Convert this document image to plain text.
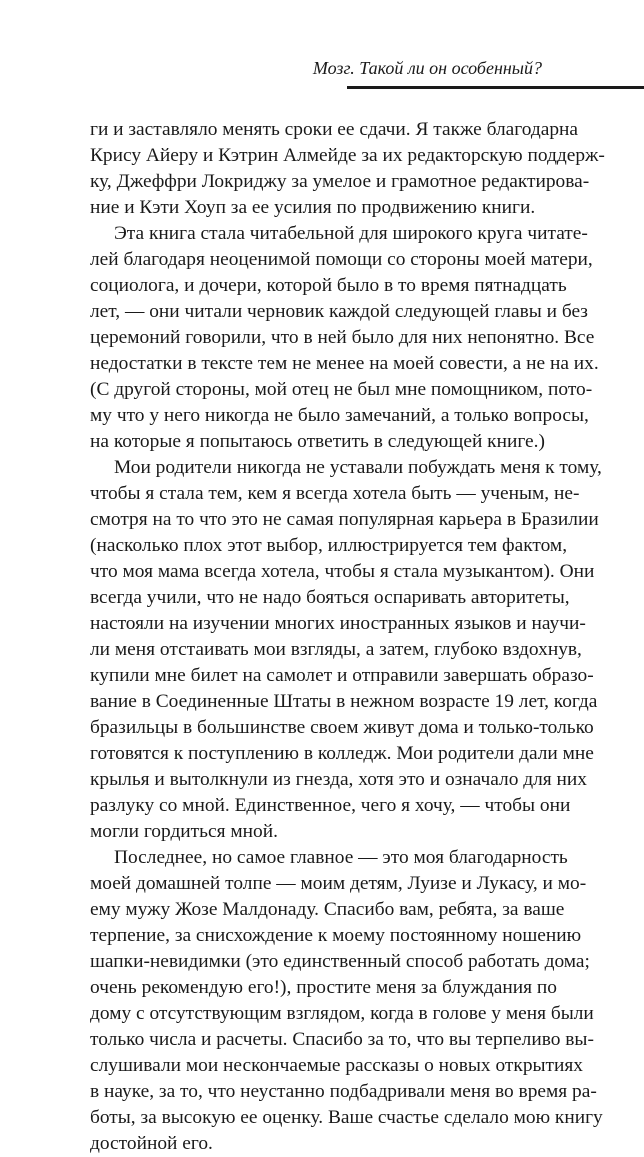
Мозг. Такой ли он особенный?
ги и заставляло менять сроки ее сдачи. Я также благодарна
Крису Айеру и Кэтрин Алмейде за их редакторскую поддерж-
ку, Джеффри Локриджу за умелое и грамотное редактирова-
ние и Кэти Хоуп за ее усилия по продвижению книги.
Эта книга стала читабельной для широкого круга читате-
лей благодаря неоценимой помощи со стороны моей матери,
социолога, и дочери, которой было в то время пятнадцать
лет, — они читали черновик каждой следующей главы и без
церемоний говорили, что в ней было для них непонятно. Все
недостатки в тексте тем не менее на моей совести, а не на их.
(С другой стороны, мой отец не был мне помощником, пото-
му что у него никогда не было замечаний, а только вопросы,
на которые я попытаюсь ответить в следующей книге.)
Мои родители никогда не уставали побуждать меня к тому,
чтобы я стала тем, кем я всегда хотела быть — ученым, не-
смотря на то что это не самая популярная карьера в Бразилии
(насколько плох этот выбор, иллюстрируется тем фактом,
что моя мама всегда хотела, чтобы я стала музыкантом). Они
всегда учили, что не надо бояться оспаривать авторитеты,
настояли на изучении многих иностранных языков и научи-
ли меня отстаивать мои взгляды, а затем, глубоко вздохнув,
купили мне билет на самолет и отправили завершать образо-
вание в Соединенные Штаты в нежном возрасте 19 лет, когда
бразильцы в большинстве своем живут дома и только-только
готовятся к поступлению в колледж. Мои родители дали мне
крылья и вытолкнули из гнезда, хотя это и означало для них
разлуку со мной. Единственное, чего я хочу, — чтобы они
могли гордиться мной.
Последнее, но самое главное — это моя благодарность
моей домашней толпе — моим детям, Луизе и Лукасу, и мо-
ему мужу Жозе Малдонаду. Спасибо вам, ребята, за ваше
терпение, за снисхождение к моему постоянному ношению
шапки-невидимки (это единственный способ работать дома;
очень рекомендую его!), простите меня за блуждания по
дому с отсутствующим взглядом, когда в голове у меня были
только числа и расчеты. Спасибо за то, что вы терпеливо вы-
слушивали мои нескончаемые рассказы о новых открытиях
в науке, за то, что неустанно подбадривали меня во время ра-
боты, за высокую ее оценку. Ваше счастье сделало мою книгу
достойной его.
